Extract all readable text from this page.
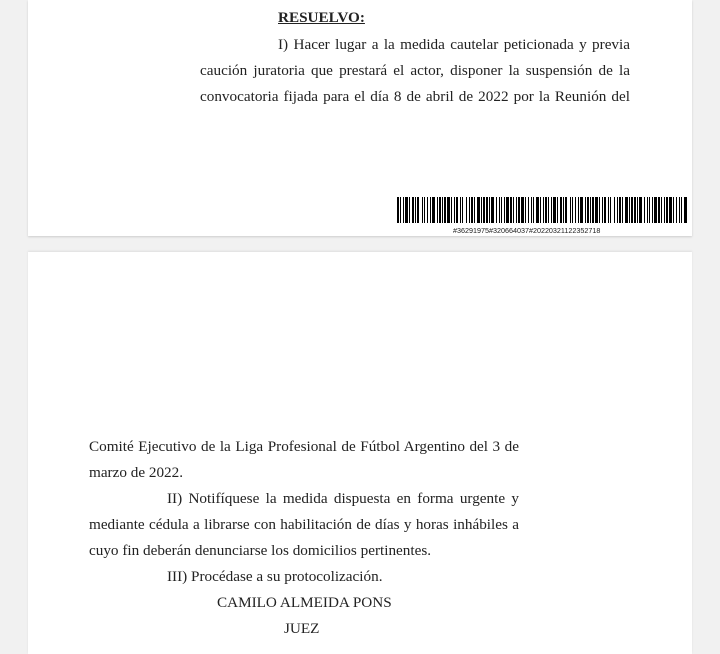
RESUELVO:
I) Hacer lugar a la medida cautelar peticionada y previa
caución juratoria que prestará el actor, disponer la suspensión de la
convocatoria fijada para el día 8 de abril de 2022 por la Reunión del
#36291975#320664037#20220321122352718
Comité Ejecutivo de la Liga Profesional de Fútbol Argentino del 3 de
marzo de 2022.
II) Notifíquese la medida dispuesta en forma urgente y
mediante cédula a librarse con habilitación de días y horas inhábiles a
cuyo fin deberán denunciarse los domicilios pertinentes.
III) Procédase a su protocolización.
CAMILO ALMEIDA PONS
JUEZ
